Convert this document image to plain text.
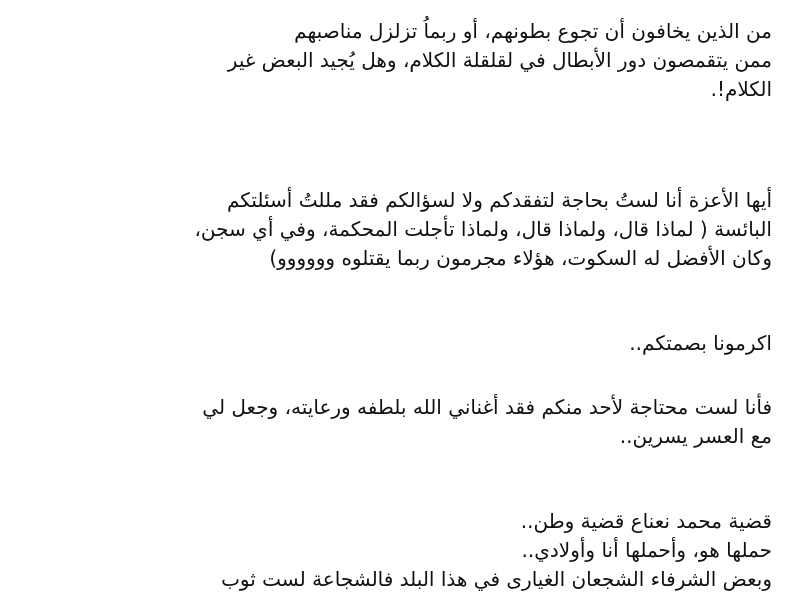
من الذين يخافون أن تجوع بطونهم، أو ربماُ تزلزل مناصبهم
ممن يتقمصون دور الأبطال في لقلقلة الكلام، وهل يُجيد البعض غير
الكلام!.
أيها الأعزة أنا لستُ بحاجة لتفقدكم ولا لسؤالكم فقد مللتُ أسئلتكم
البائسة ( لماذا قال، ولماذا قال، ولماذا تأجلت المحكمة، وفي أي سجن،
وكان الأفضل له السكوت، هؤلاء مجرمون ربما يقتلوه وووووو)
اكرمونا بصمتكم..
فأنا لست محتاجة لأحد منكم فقد أغناني الله بلطفه ورعايته، وجعل لي
مع العسر يسرين..
قضية محمد نعناع قضية وطن..
حملها هو، وأحملها أنا وأولادي..
وبعض الشرفاء الشجعان الغيارى في هذا البلد فالشجاعة لست ثوب
